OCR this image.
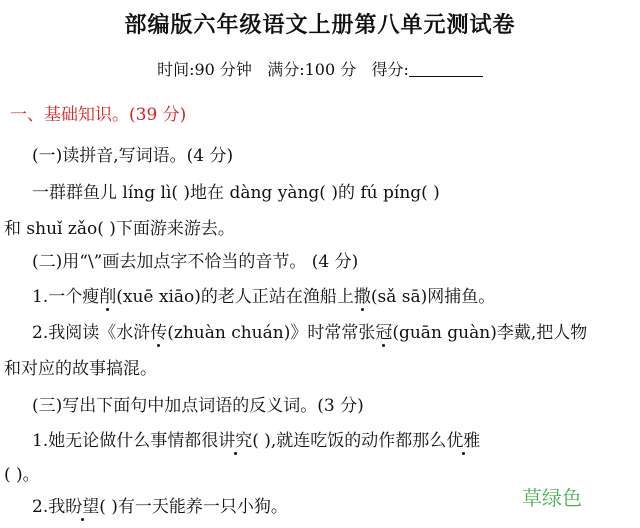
部编版六年级语文上册第八单元测试卷
时间:90 分钟 满分:100 分 得分:
一、基础知识。(39 分)
(一)读拼音,写词语。(4 分)
一群群鱼儿 líng lì( )地在 dàng yàng( )的 fú píng( )
和 shuǐ zǎo( )下面游来游去。
(二)用“\”画去加点字不恰当的音节。 (4 分)
1.一个瘦削(xuē xiāo)的老人正站在渔船上撒(sǎ sā)网捕鱼。
2.我阅读《水浒传(zhuàn chuán)》时常常张冠(guān guàn)李戴,把人物
和对应的故事搞混。
(三)写出下面句中加点词语的反义词。(3 分)
1.她无论做什么事情都很讲究( ),就连吃饭的动作都那么优雅
( )。
2.我盼望( )有一天能养一只小狗。	草绿色
